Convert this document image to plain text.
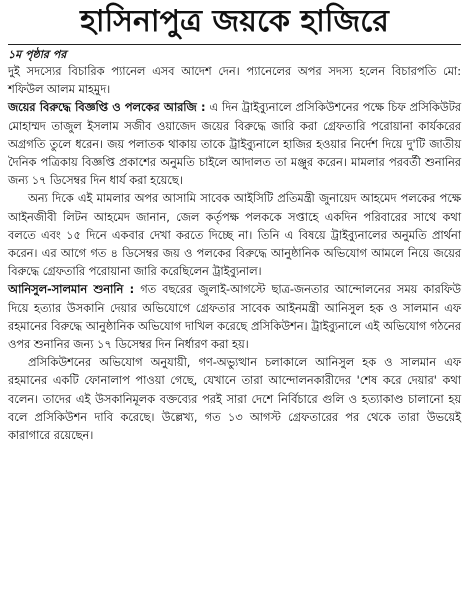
হাসিনাপুত্র জয়কে হাজিরে
১ম পৃষ্ঠার পর

দুই সদস্যের বিচারিক প্যানেল এসব আদেশ দেন। প্যানেলের অপর সদস্য হলেন বিচারপতি মো: শফিউল আলম মাহমুদ।

জয়ের বিরুদ্ধে বিজ্ঞপ্তি ও পলকের আরজি : এ দিন ট্রাইব্যুনালে প্রসিকিউশনের পক্ষে চিফ প্রসিকিউটর মোহাম্মদ তাজুল ইসলাম সজীব ওয়াজেদ জয়ের বিরুদ্ধে জারি করা গ্রেফতারি পরোয়ানা কার্যকরের অগ্রগতি তুলে ধরেন। জয় পলাতক থাকায় তাকে ট্রাইব্যুনালে হাজির হওয়ার নির্দেশ দিয়ে দু'টি জাতীয় দৈনিক পত্রিকায় বিজ্ঞপ্তি প্রকাশের অনুমতি চাইলে আদালত তা মঞ্জুর করেন। মামলার পরবর্তী শুনানির জন্য ১৭ ডিসেম্বর দিন ধার্য করা হয়েছে।

অন্য দিকে এই মামলার অপর আসামি সাবেক আইসিটি প্রতিমন্ত্রী জুনায়েদ আহমেদ পলকের পক্ষে আইনজীবী লিটন আহমেদ জানান, জেল কর্তৃপক্ষ পলককে সপ্তাহে একদিন পরিবারের সাথে কথা বলতে এবং ১৫ দিনে একবার দেখা করতে দিচ্ছে না। তিনি এ বিষয়ে ট্রাইব্যুনালের অনুমতি প্রার্থনা করেন। এর আগে গত ৪ ডিসেম্বর জয় ও পলকের বিরুদ্ধে আনুষ্ঠানিক অভিযোগ আমলে নিয়ে জয়ের বিরুদ্ধে গ্রেফতারি পরোয়ানা জারি করেছিলেন ট্রাইব্যুনাল।

আনিসুল-সালমান শুনানি : গত বছরের জুলাই-আগস্টে ছাত্র-জনতার আন্দোলনের সময় কারফিউ দিয়ে হত্যার উসকানি দেয়ার অভিযোগে গ্রেফতার সাবেক আইনমন্ত্রী আনিসুল হক ও সালমান এফ রহমানের বিরুদ্ধে আনুষ্ঠানিক অভিযোগ দাখিল করেছে প্রসিকিউশন। ট্রাইব্যুনালে এই অভিযোগ গঠনের ওপর শুনানির জন্য ১৭ ডিসেম্বর দিন নির্ধারণ করা হয়।

প্রসিকিউশনের অভিযোগ অনুযায়ী, গণ-অভ্যুত্থান চলাকালে আনিসুল হক ও সালমান এফ রহমানের একটি ফোনালাপ পাওয়া গেছে, যেখানে তারা আন্দোলনকারীদের 'শেষ করে দেয়ার' কথা বলেন। তাদের এই উসকানিমূলক বক্তব্যের পরই সারা দেশে নির্বিচারে গুলি ও হত্যাকাণ্ড চালানো হয় বলে প্রসিকিউশন দাবি করেছে। উল্লেখ্য, গত ১৩ আগস্ট গ্রেফতারের পর থেকে তারা উভয়েই কারাগারে রয়েছেন।
